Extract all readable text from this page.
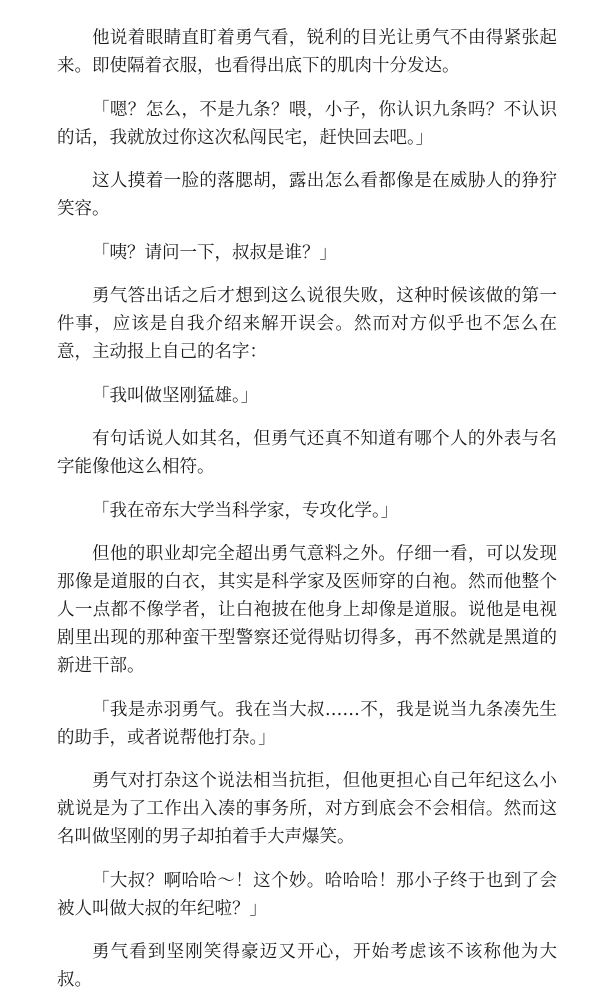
他说着眼睛直盯着勇气看，锐利的目光让勇气不由得紧张起来。即使隔着衣服，也看得出底下的肌肉十分发达。

「嗯？怎么，不是九条？喂，小子，你认识九条吗？不认识的话，我就放过你这次私闯民宅，赶快回去吧。」

这人摸着一脸的落腮胡，露出怎么看都像是在威胁人的狰狞笑容。

「咦？请问一下，叔叔是谁？」

勇气答出话之后才想到这么说很失败，这种时候该做的第一件事，应该是自我介绍来解开误会。然而对方似乎也不怎么在意，主动报上自己的名字：

「我叫做坚刚猛雄。」

有句话说人如其名，但勇气还真不知道有哪个人的外表与名字能像他这么相符。

「我在帝东大学当科学家，专攻化学。」

但他的职业却完全超出勇气意料之外。仔细一看，可以发现那像是道服的白衣，其实是科学家及医师穿的白袍。然而他整个人一点都不像学者，让白袍披在他身上却像是道服。说他是电视剧里出现的那种蛮干型警察还觉得贴切得多，再不然就是黑道的新进干部。

「我是赤羽勇气。我在当大叔……不，我是说当九条凑先生的助手，或者说帮他打杂。」

勇气对打杂这个说法相当抗拒，但他更担心自己年纪这么小就说是为了工作出入凑的事务所，对方到底会不会相信。然而这名叫做坚刚的男子却拍着手大声爆笑。

「大叔？啊哈哈～！这个妙。哈哈哈！那小子终于也到了会被人叫做大叔的年纪啦？」

勇气看到坚刚笑得豪迈又开心，开始考虑该不该称他为大叔。
